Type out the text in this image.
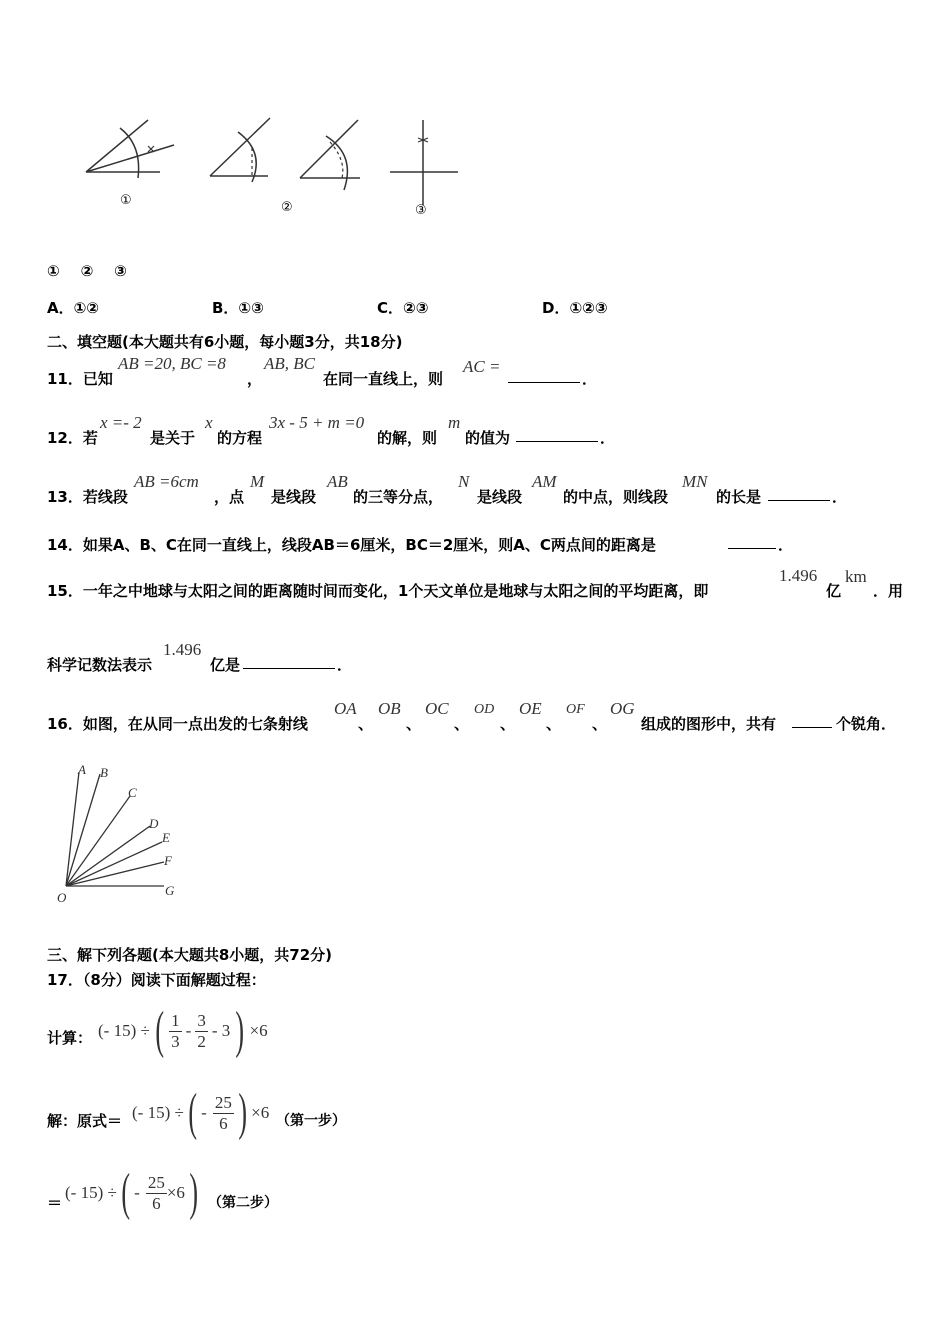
①	②	③
①    ②    ③
A．①②	B．①③	C．②③	D．①②③
二、填空题(本大题共有6小题，每小题3分，共18分)
11．已知
AB =20, BC =8
，
AB, BC
在同一直线上，则
AC =
．
12．若
x =- 2
是关于
x
的方程
3x - 5 + m =0
的解，则
m
的值为	．
13．若线段
AB =6cm
，点
M
是线段
AB
的三等分点，
N
是线段
AM
的中点，则线段
MN
的长是	．
14．如果A、B、C在同一直线上，线段AB＝6厘米，BC＝2厘米，则A、C两点间的距离是	．
15．一年之中地球与太阳之间的距离随时间而变化，1个天文单位是地球与太阳之间的平均距离，即
1.496
亿
km
．用
科学记数法表示
1.496
亿是	．
16．如图，在从同一点出发的七条射线
OA
、
OB
、
OC
、
OD
、
OE
、
OF
、
OG
组成的图形中，共有	个锐角．
A B
C
D
E
F
G
O
三、解下列各题(本大题共8小题，共72分)
17．（8分）阅读下面解题过程：
计算： (- 15) ÷ ( $\frac{1}{3} - \frac{3}{2} - 3$ ) ×6
解：原式＝ (- 15) ÷ ( - $\frac{25}{6}$ ) ×6 （第一步）
＝
(- 15) ÷ ( - $\frac{25}{6} \times 6$ ) （第二步）
